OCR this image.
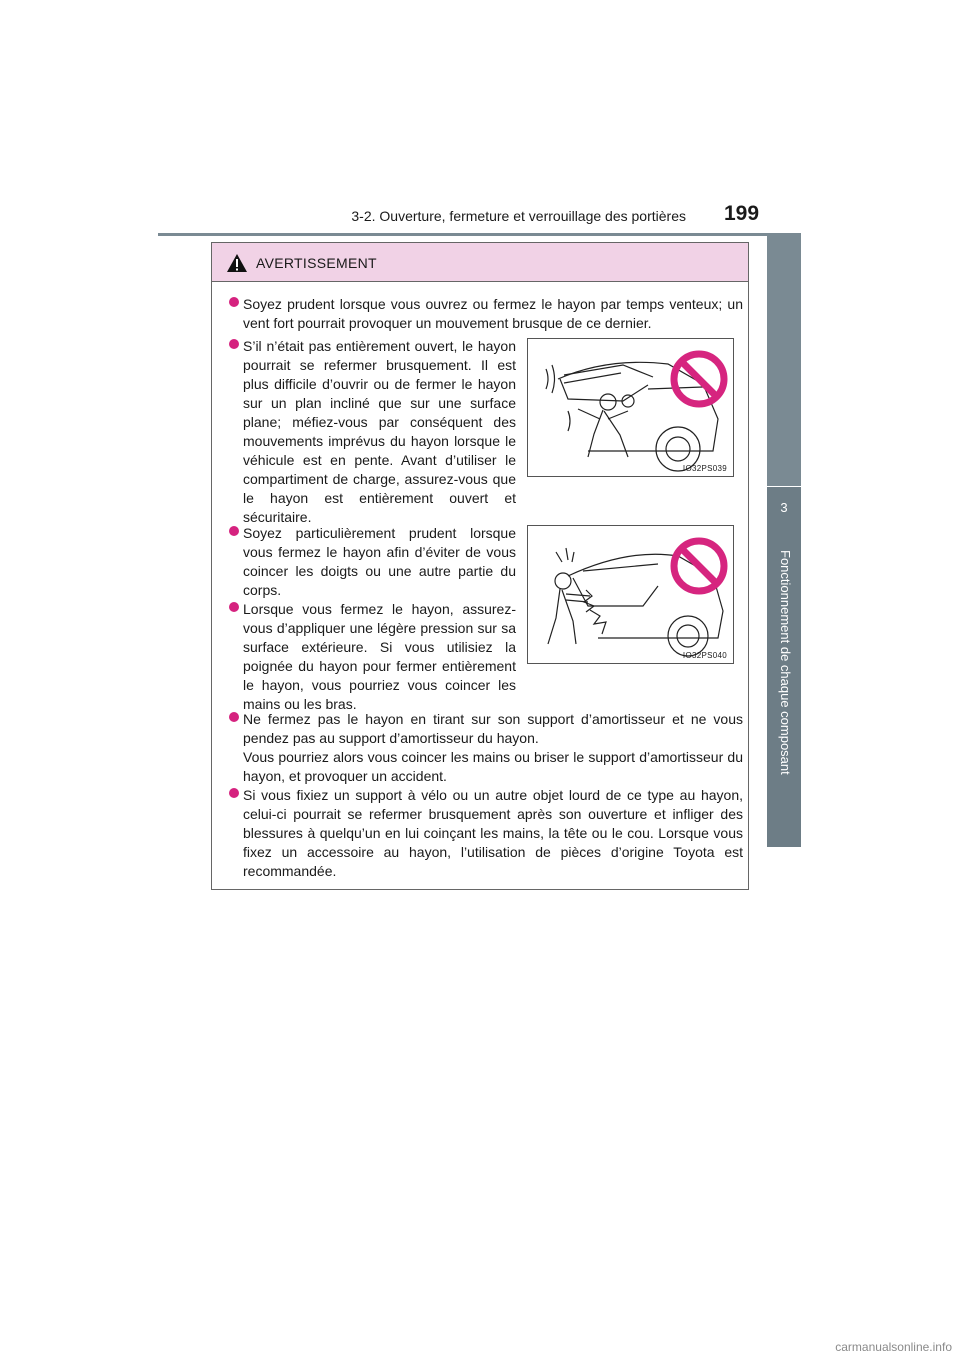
3-2. Ouverture, fermeture et verrouillage des portières 199
3
Fonctionnement de chaque composant
AVERTISSEMENT

Soyez prudent lorsque vous ouvrez ou fermez le hayon par temps venteux; un vent fort pourrait provoquer un mouvement brusque de ce dernier.

S’il n’était pas entièrement ouvert, le hayon pourrait se refermer brusquement. Il est plus difficile d’ouvrir ou de fermer le hayon sur un plan incliné que sur une surface plane; méfiez-vous par conséquent des mouvements imprévus du hayon lorsque le véhicule est en pente. Avant d’utiliser le compartiment de charge, assurez-vous que le hayon est entièrement ouvert et sécuritaire.

IO32PS039

Soyez particulièrement prudent lorsque vous fermez le hayon afin d’éviter de vous coincer les doigts ou une autre partie du corps.

Lorsque vous fermez le hayon, assurez-vous d’appliquer une légère pression sur sa surface extérieure. Si vous utilisiez la poignée du hayon pour fermer entièrement le hayon, vous pourriez vous coincer les mains ou les bras.

IO32PS040

Ne fermez pas le hayon en tirant sur son support d’amortisseur et ne vous pendez pas au support d’amortisseur du hayon.

Vous pourriez alors vous coincer les mains ou briser le support d’amortisseur du hayon, et provoquer un accident.

Si vous fixiez un support à vélo ou un autre objet lourd de ce type au hayon, celui-ci pourrait se refermer brusquement après son ouverture et infliger des blessures à quelqu’un en lui coinçant les mains, la tête ou le cou. Lorsque vous fixez un accessoire au hayon, l’utilisation de pièces d’origine Toyota est recommandée.

carmanualsonline.info
